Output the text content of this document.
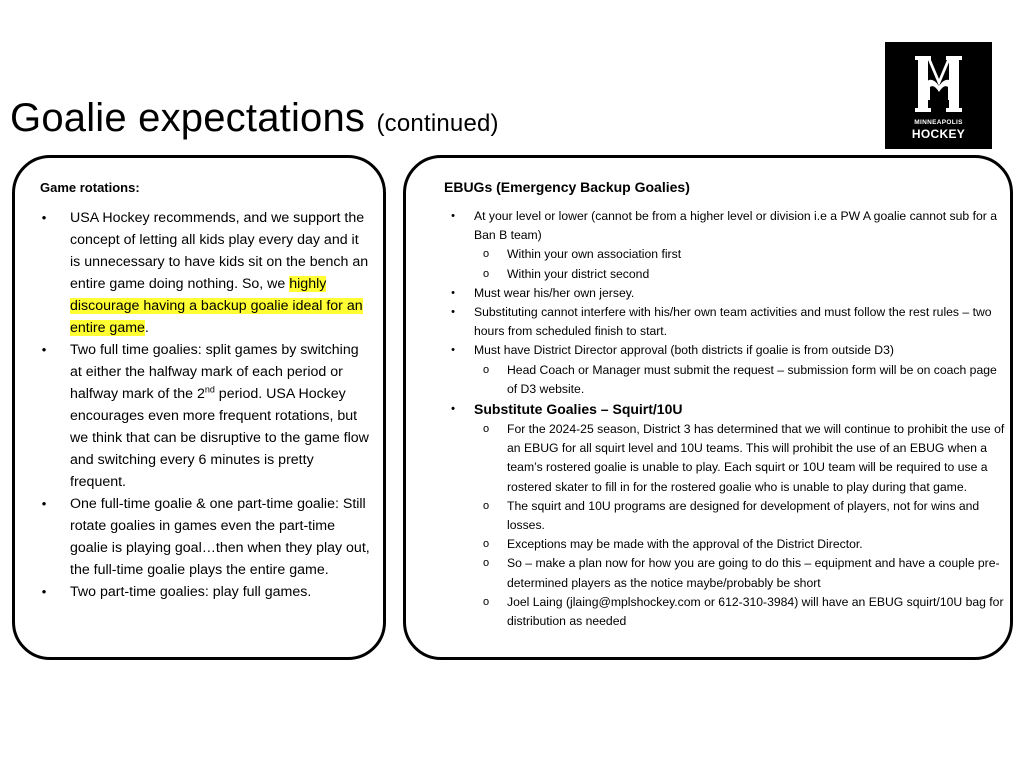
Goalie expectations (continued)	MINNEAPOLIS
HOCKEY
Game rotations:
•	USA Hockey recommends, and we support the concept of letting all kids play every day and it is unnecessary to have kids sit on the bench an entire game doing nothing. So, we highly discourage having a backup goalie ideal for an entire game.
•	Two full time goalies: split games by switching at either the halfway mark of each period or halfway mark of the 2nd period. USA Hockey encourages even more frequent rotations, but we think that can be disruptive to the game flow and switching every 6 minutes is pretty frequent.
•	One full-time goalie & one part-time goalie: Still rotate goalies in games even the part-time goalie is playing goal…then when they play out, the full-time goalie plays the entire game.
•	Two part-time goalies: play full games.
EBUGs (Emergency Backup Goalies)
•	At your level or lower (cannot be from a higher level or division i.e a PW A goalie cannot sub for a Ban B team)
o Within your own association first
o Within your district second
•	Must wear his/her own jersey.
•	Substituting cannot interfere with his/her own team activities and must follow the rest rules – two hours from scheduled finish to start.
•	Must have District Director approval (both districts if goalie is from outside D3)
o Head Coach or Manager must submit the request – submission form will be on coach page of D3 website.
•	Substitute Goalies – Squirt/10U
o For the 2024-25 season, District 3 has determined that we will continue to prohibit the use of an EBUG for all squirt level and 10U teams. This will prohibit the use of an EBUG when a team’s rostered goalie is unable to play. Each squirt or 10U team will be required to use a rostered skater to fill in for the rostered goalie who is unable to play during that game.
o The squirt and 10U programs are designed for development of players, not for wins and losses.
o Exceptions may be made with the approval of the District Director.
o So – make a plan now for how you are going to do this – equipment and have a couple pre-determined players as the notice maybe/probably be short
o Joel Laing (jlaing@mplshockey.com or 612-310-3984) will have an EBUG squirt/10U bag for distribution as needed
